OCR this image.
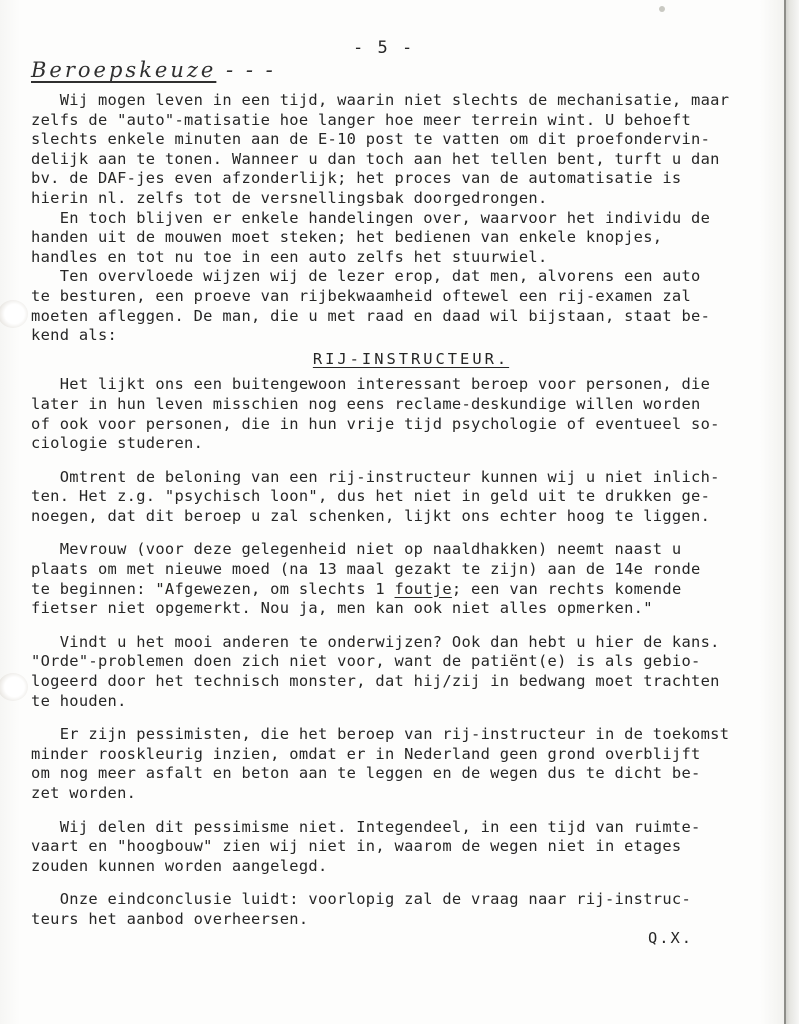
- 5 -
Beroepskeuze - - -
Wij mogen leven in een tijd, waarin niet slechts de mechanisatie, maar
zelfs de "auto"-matisatie hoe langer hoe meer terrein wint. U behoeft
slechts enkele minuten aan de E-10 post te vatten om dit proefondervin-
delijk aan te tonen. Wanneer u dan toch aan het tellen bent, turft u dan
bv. de DAF-jes even afzonderlijk; het proces van de automatisatie is
hierin nl. zelfs tot de versnellingsbak doorgedrongen.
En toch blijven er enkele handelingen over, waarvoor het individu de
handen uit de mouwen moet steken; het bedienen van enkele knopjes,
handles en tot nu toe in een auto zelfs het stuurwiel.
Ten overvloede wijzen wij de lezer erop, dat men, alvorens een auto
te besturen, een proeve van rijbekwaamheid oftewel een rij-examen zal
moeten afleggen. De man, die u met raad en daad wil bijstaan, staat be-
kend als:
RIJ-INSTRUCTEUR.
Het lijkt ons een buitengewoon interessant beroep voor personen, die
later in hun leven misschien nog eens reclame-deskundige willen worden
of ook voor personen, die in hun vrije tijd psychologie of eventueel so-
ciologie studeren.
Omtrent de beloning van een rij-instructeur kunnen wij u niet inlich-
ten. Het z.g. "psychisch loon", dus het niet in geld uit te drukken ge-
noegen, dat dit beroep u zal schenken, lijkt ons echter hoog te liggen.
Mevrouw (voor deze gelegenheid niet op naaldhakken) neemt naast u
plaats om met nieuwe moed (na 13 maal gezakt te zijn) aan de 14e ronde
te beginnen: "Afgewezen, om slechts 1 foutje; een van rechts komende
fietser niet opgemerkt. Nou ja, men kan ook niet alles opmerken."
Vindt u het mooi anderen te onderwijzen? Ook dan hebt u hier de kans.
"Orde"-problemen doen zich niet voor, want de patiënt(e) is als gebio-
logeerd door het technisch monster, dat hij/zij in bedwang moet trachten
te houden.
Er zijn pessimisten, die het beroep van rij-instructeur in de toekomst
minder rooskleurig inzien, omdat er in Nederland geen grond overblijft
om nog meer asfalt en beton aan te leggen en de wegen dus te dicht be-
zet worden.
Wij delen dit pessimisme niet. Integendeel, in een tijd van ruimte-
vaart en "hoogbouw" zien wij niet in, waarom de wegen niet in etages
zouden kunnen worden aangelegd.
Onze eindconclusie luidt: voorlopig zal de vraag naar rij-instruc-
teurs het aanbod overheersen.
Q.X.
